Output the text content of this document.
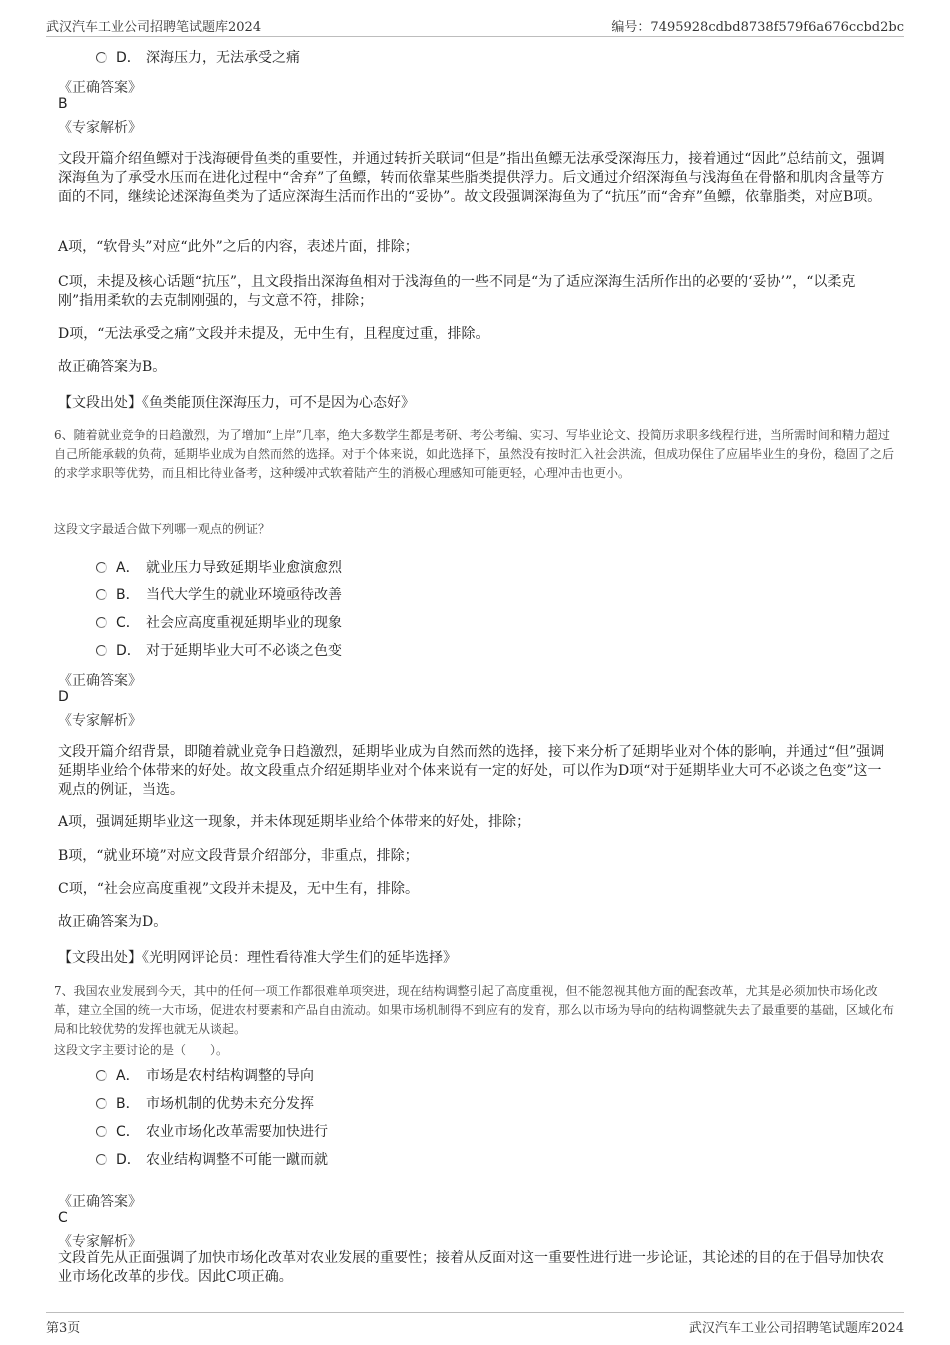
武汉汽车工业公司招聘笔试题库2024	编号：7495928cdbd8738f579f6a676ccbd2bc
D． 深海压力，无法承受之痛
《正确答案》
B
《专家解析》
文段开篇介绍鱼鳔对于浅海硬骨鱼类的重要性，并通过转折关联词“但是”指出鱼鳔无法承受深海压力，接着通过“因此”总结前文，强调深海鱼为了承受水压而在进化过程中“舍弃”了鱼鳔，转而依靠某些脂类提供浮力。后文通过介绍深海鱼与浅海鱼在骨骼和肌肉含量等方面的不同，继续论述深海鱼类为了适应深海生活而作出的“妥协”。故文段强调深海鱼为了“抗压”而“舍弃”鱼鳔，依靠脂类，对应B项。
A项，“软骨头”对应“此外”之后的内容，表述片面，排除；
C项，未提及核心话题“抗压”，且文段指出深海鱼相对于浅海鱼的一些不同是“为了适应深海生活所作出的必要的‘妥协’”，“以柔克刚”指用柔软的去克制刚强的，与文意不符，排除；
D项，“无法承受之痛”文段并未提及，无中生有，且程度过重，排除。
故正确答案为B。
【文段出处】《鱼类能顶住深海压力，可不是因为心态好》
6、随着就业竞争的日趋激烈，为了增加“上岸”几率，绝大多数学生都是考研、考公考编、实习、写毕业论文、投简历求职多线程行进，当所需时间和精力超过自己所能承载的负荷，延期毕业成为自然而然的选择。对于个体来说，如此选择下，虽然没有按时汇入社会洪流，但成功保住了应届毕业生的身份，稳固了之后的求学求职等优势，而且相比待业备考，这种缓冲式软着陆产生的消极心理感知可能更轻，心理冲击也更小。
这段文字最适合做下列哪一观点的例证？
A． 就业压力导致延期毕业愈演愈烈
B． 当代大学生的就业环境亟待改善
C． 社会应高度重视延期毕业的现象
D． 对于延期毕业大可不必谈之色变
《正确答案》
D
《专家解析》
文段开篇介绍背景，即随着就业竞争日趋激烈，延期毕业成为自然而然的选择，接下来分析了延期毕业对个体的影响，并通过“但”强调延期毕业给个体带来的好处。故文段重点介绍延期毕业对个体来说有一定的好处，可以作为D项“对于延期毕业大可不必谈之色变”这一观点的例证，当选。
A项，强调延期毕业这一现象，并未体现延期毕业给个体带来的好处，排除；
B项，“就业环境”对应文段背景介绍部分，非重点，排除；
C项，“社会应高度重视”文段并未提及，无中生有，排除。
故正确答案为D。
【文段出处】《光明网评论员：理性看待准大学生们的延毕选择》
7、我国农业发展到今天，其中的任何一项工作都很难单项突进，现在结构调整引起了高度重视，但不能忽视其他方面的配套改革，尤其是必须加快市场化改革，建立全国的统一大市场，促进农村要素和产品自由流动。如果市场机制得不到应有的发育，那么以市场为导向的结构调整就失去了最重要的基础，区域化布局和比较优势的发挥也就无从谈起。
这段文字主要讨论的是（　　）。
A． 市场是农村结构调整的导向
B． 市场机制的优势未充分发挥
C． 农业市场化改革需要加快进行
D． 农业结构调整不可能一蹴而就
《正确答案》
C
《专家解析》
文段首先从正面强调了加快市场化改革对农业发展的重要性；接着从反面对这一重要性进行进一步论证，其论述的目的在于倡导加快农业市场化改革的步伐。因此C项正确。
第3页	武汉汽车工业公司招聘笔试题库2024
